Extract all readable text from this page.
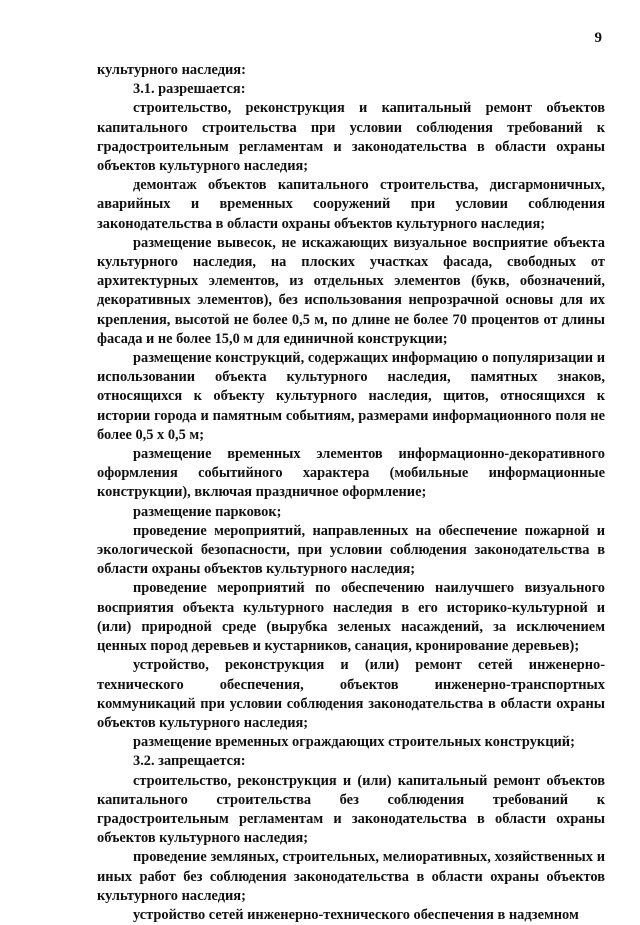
9

культурного наследия:

3.1. разрешается:

строительство, реконструкция и капитальный ремонт объектов капитального строительства при условии соблюдения требований к градостроительным регламентам и законодательства в области охраны объектов культурного наследия;

демонтаж объектов капитального строительства, дисгармоничных, аварийных и временных сооружений при условии соблюдения законодательства в области охраны объектов культурного наследия;

размещение вывесок, не искажающих визуальное восприятие объекта культурного наследия, на плоских участках фасада, свободных от архитектурных элементов, из отдельных элементов (букв, обозначений, декоративных элементов), без использования непрозрачной основы для их крепления, высотой не более 0,5 м, по длине не более 70 процентов от длины фасада и не более 15,0 м для единичной конструкции;

размещение конструкций, содержащих информацию о популяризации и использовании объекта культурного наследия, памятных знаков, относящихся к объекту культурного наследия, щитов, относящихся к истории города и памятным событиям, размерами информационного поля не более 0,5 х 0,5 м;

размещение временных элементов информационно-декоративного оформления событийного характера (мобильные информационные конструкции), включая праздничное оформление;

размещение парковок;

проведение мероприятий, направленных на обеспечение пожарной и экологической безопасности, при условии соблюдения законодательства в области охраны объектов культурного наследия;

проведение мероприятий по обеспечению наилучшего визуального восприятия объекта культурного наследия в его историко-культурной и (или) природной среде (вырубка зеленых насаждений, за исключением ценных пород деревьев и кустарников, санация, кронирование деревьев);

устройство, реконструкция и (или) ремонт сетей инженерно-технического обеспечения, объектов инженерно-транспортных коммуникаций при условии соблюдения законодательства в области охраны объектов культурного наследия;

размещение временных ограждающих строительных конструкций;

3.2. запрещается:

строительство, реконструкция и (или) капитальный ремонт объектов капитального строительства без соблюдения требований к градостроительным регламентам и законодательства в области охраны объектов культурного наследия;

проведение земляных, строительных, мелиоративных, хозяйственных и иных работ без соблюдения законодательства в области охраны объектов культурного наследия;

устройство сетей инженерно-технического обеспечения в надземном
